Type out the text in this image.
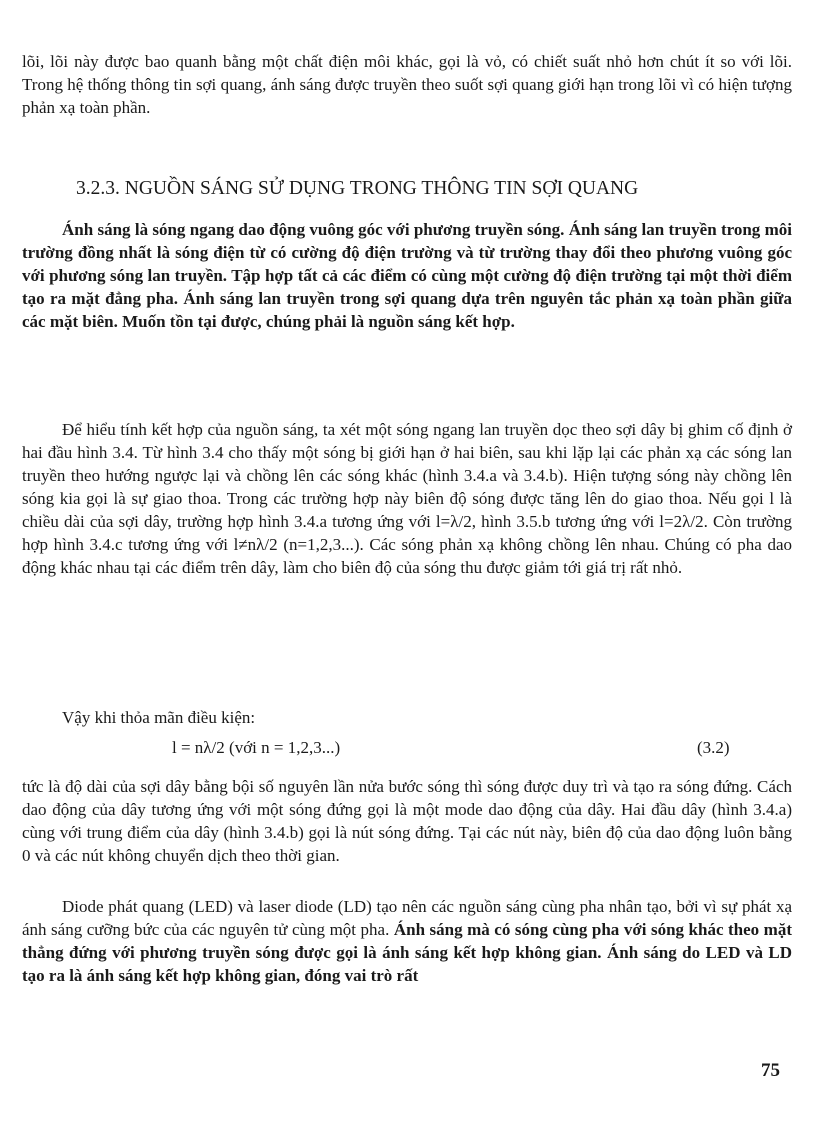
lõi, lõi này được bao quanh bằng một chất điện môi khác, gọi là vỏ, có chiết suất nhỏ hơn chút ít so với lõi. Trong hệ thống thông tin sợi quang, ánh sáng được truyền theo suốt sợi quang giới hạn trong lõi vì có hiện tượng phản xạ toàn phần.

3.2.3. NGUỒN SÁNG SỬ DỤNG TRONG THÔNG TIN SỢI QUANG

Ánh sáng là sóng ngang dao động vuông góc với phương truyền sóng. Ánh sáng lan truyền trong môi trường đồng nhất là sóng điện từ có cường độ điện trường và từ trường thay đổi theo phương vuông góc với phương sóng lan truyền. Tập hợp tất cả các điểm có cùng một cường độ điện trường tại một thời điểm tạo ra mặt đẳng pha. Ánh sáng lan truyền trong sợi quang dựa trên nguyên tắc phản xạ toàn phần giữa các mặt biên. Muốn tồn tại được, chúng phải là nguồn sáng kết hợp.

Để hiểu tính kết hợp của nguồn sáng, ta xét một sóng ngang lan truyền dọc theo sợi dây bị ghim cố định ở hai đầu hình 3.4. Từ hình 3.4 cho thấy một sóng bị giới hạn ở hai biên, sau khi lặp lại các phản xạ các sóng lan truyền theo hướng ngược lại và chồng lên các sóng khác (hình 3.4.a và 3.4.b). Hiện tượng sóng này chồng lên sóng kia gọi là sự giao thoa. Trong các trường hợp này biên độ sóng được tăng lên do giao thoa. Nếu gọi l là chiều dài của sợi dây, trường hợp hình 3.4.a tương ứng với l=λ/2, hình 3.5.b tương ứng với l=2λ/2. Còn trường hợp hình 3.4.c tương ứng với l≠nλ/2 (n=1,2,3...). Các sóng phản xạ không chồng lên nhau. Chúng có pha dao động khác nhau tại các điểm trên dây, làm cho biên độ của sóng thu được giảm tới giá trị rất nhỏ.

Vậy khi thỏa mãn điều kiện:

l = nλ/2 (với n = 1,2,3...)	(3.2)

tức là độ dài của sợi dây bằng bội số nguyên lần nửa bước sóng thì sóng được duy trì và tạo ra sóng đứng. Cách dao động của dây tương ứng với một sóng đứng gọi là một mode dao động của dây. Hai đầu dây (hình 3.4.a) cùng với trung điểm của dây (hình 3.4.b) gọi là nút sóng đứng. Tại các nút này, biên độ của dao động luôn bằng 0 và các nút không chuyển dịch theo thời gian.

Diode phát quang (LED) và laser diode (LD) tạo nên các nguồn sáng cùng pha nhân tạo, bởi vì sự phát xạ ánh sáng cưỡng bức của các nguyên tử cùng một pha. Ánh sáng mà có sóng cùng pha với sóng khác theo mặt thẳng đứng với phương truyền sóng được gọi là ánh sáng kết hợp không gian. Ánh sáng do LED và LD tạo ra là ánh sáng kết hợp không gian, đóng vai trò rất

75
